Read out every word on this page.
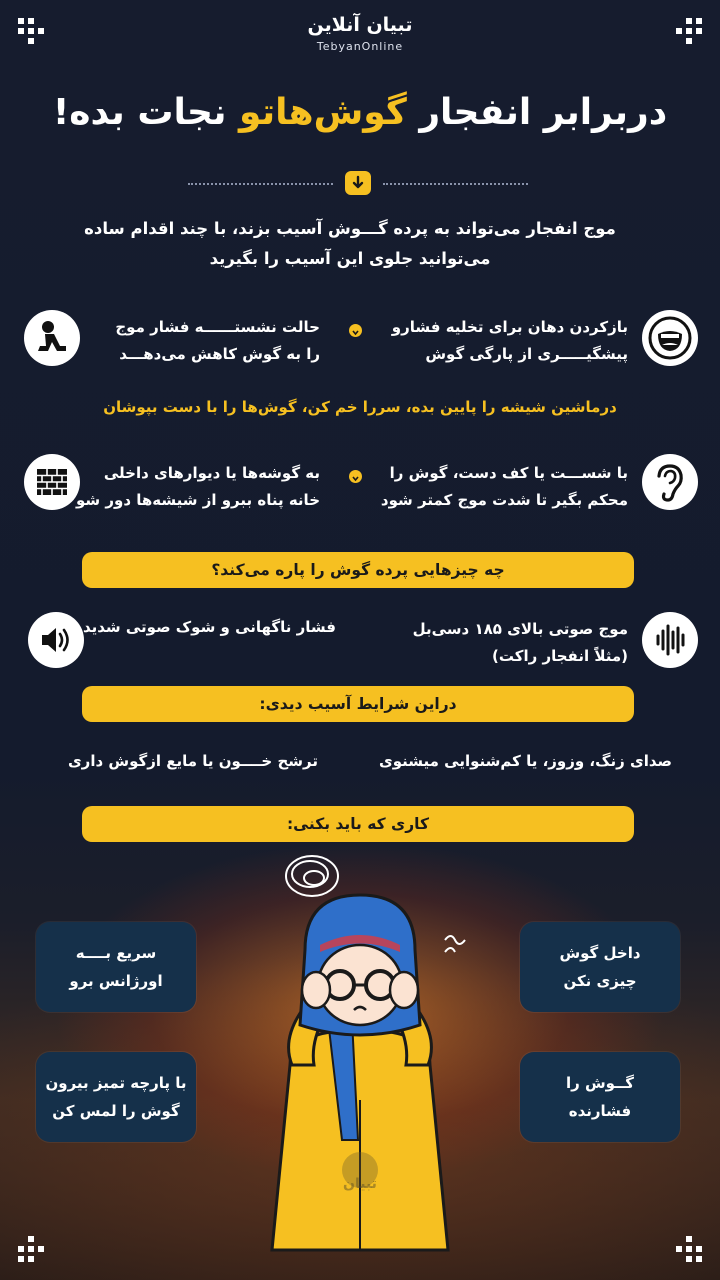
تبیان آنلاین
TebyanOnline
دربرابر انفجار گوش‌هاتو نجات بده!
موج انفجار می‌تواند به پرده گـــوش آسیب بزند، با چند اقدام ساده
می‌توانید جلوی این آسیب را بگیرید
بازکردن دهان برای تخلیه فشارو
پیشگیـــــری از پارگی گوش
حالت نشستــــــه فشار موج
را به گوش کاهش می‌دهـــد
درماشین شیشه را پایین بده، سررا خم کن، گوش‌ها را با دست بپوشان
با شســـت یا کف دست، گوش را
محکم بگیر تا شدت موج کمتر شود
به گوشه‌ها یا دیوارهای داخلی
خانه پناه ببرو از شیشه‌ها دور شو
چه چیزهایی پرده گوش را پاره می‌کند؟
موج صوتی بالای ۱۸۵ دسی‌بل
(مثلاً انفجار راکت)
فشار ناگهانی و شوک صوتی شدید
دراین شرایط آسیب دیدی:
صدای زنگ، وزوز، یا کم‌شنوایی میشنوی
ترشح خــــون یا مایع ازگوش داری
کاری که باید بکنی:
تبیان
داخل گوش
چیزی نکن
سریع بــــه
اورژانس برو
گــوش را
فشارنده
با پارچه تمیز بیرون
گوش را لمس کن
